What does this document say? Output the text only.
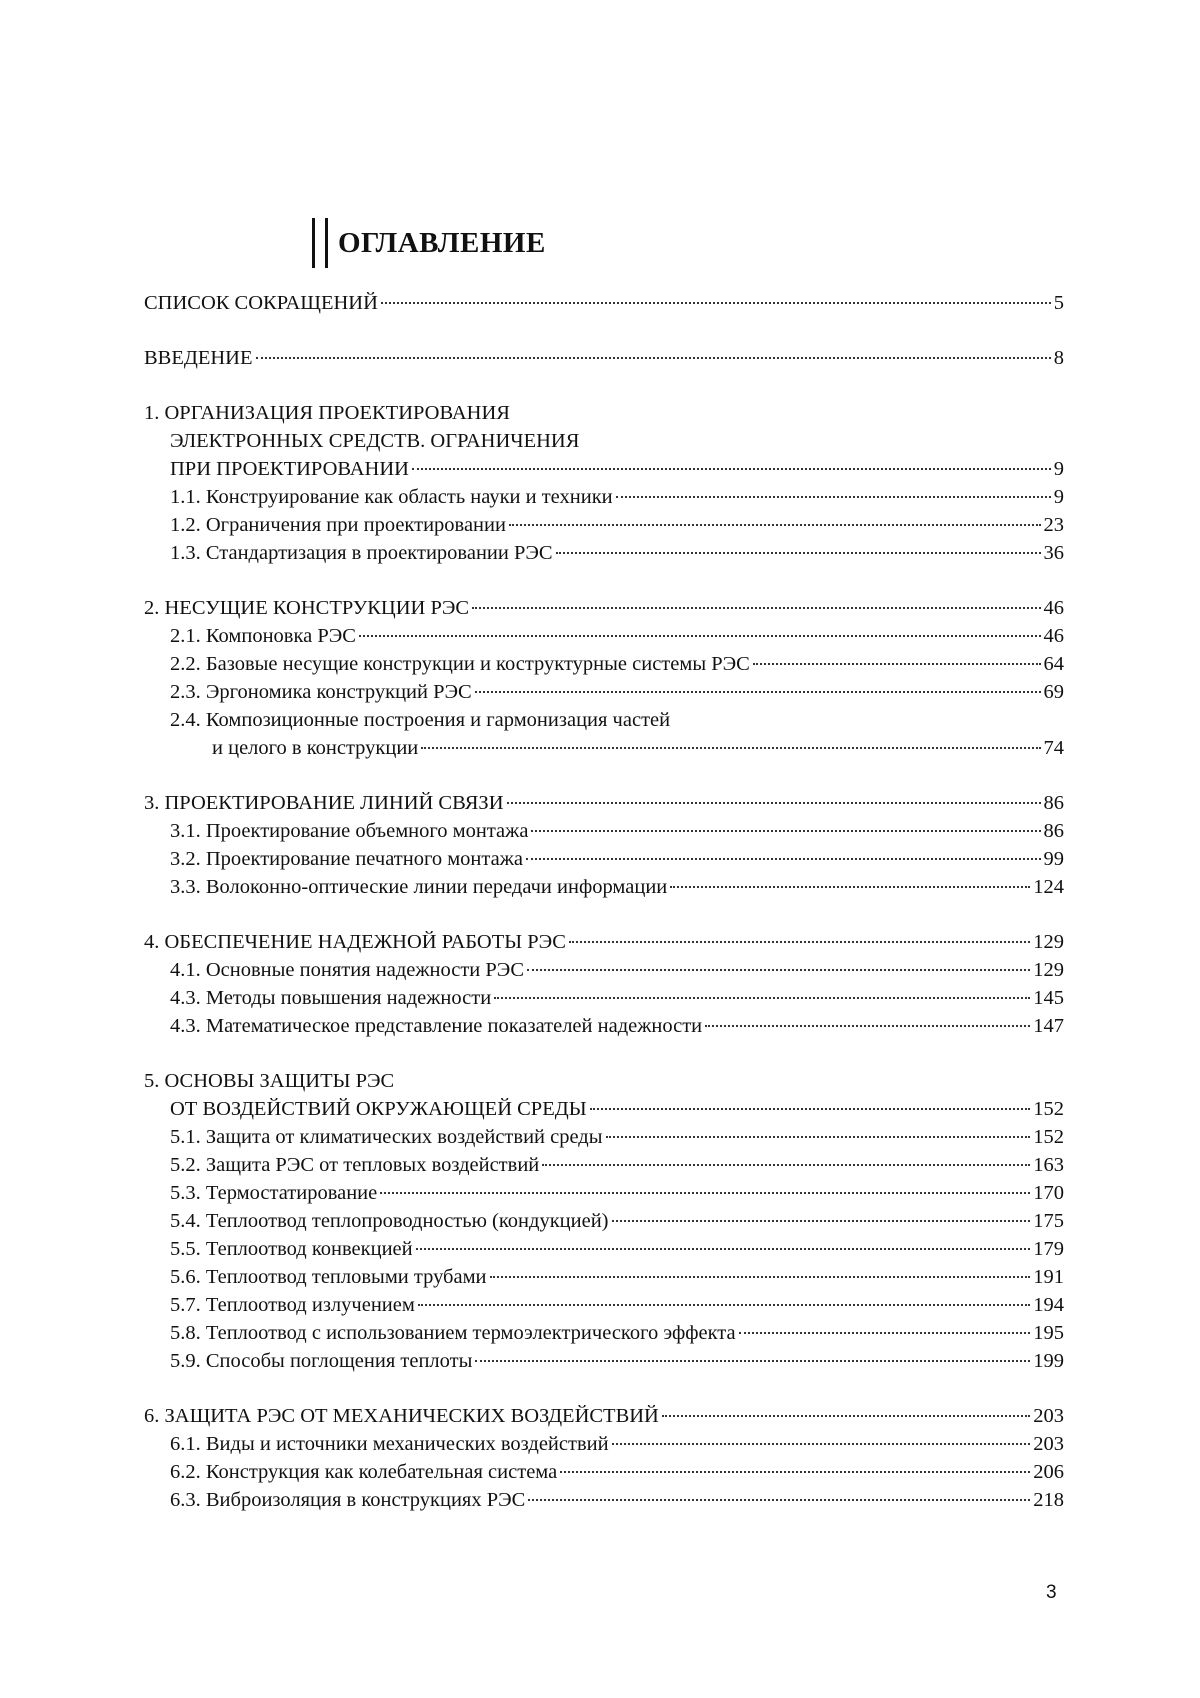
ОГЛАВЛЕНИЕ
СПИСОК СОКРАЩЕНИЙ	5
ВВЕДЕНИЕ	8
1. ОРГАНИЗАЦИЯ ПРОЕКТИРОВАНИЯ
ЭЛЕКТРОННЫХ СРЕДСТВ. ОГРАНИЧЕНИЯ
ПРИ ПРОЕКТИРОВАНИИ	9
1.1. Конструирование как область науки и техники	9
1.2. Ограничения при проектировании	23
1.3. Стандартизация в проектировании РЭС	36
2. НЕСУЩИЕ КОНСТРУКЦИИ РЭС	46
2.1. Компоновка РЭС	46
2.2. Базовые несущие конструкции и коструктурные системы РЭС	64
2.3. Эргономика конструкций РЭС	69
2.4. Композиционные построения и гармонизация частей
и целого в конструкции	74
3. ПРОЕКТИРОВАНИЕ ЛИНИЙ СВЯЗИ	86
3.1. Проектирование объемного монтажа	86
3.2. Проектирование печатного монтажа	99
3.3. Волоконно-оптические линии передачи информации	124
4. ОБЕСПЕЧЕНИЕ НАДЕЖНОЙ РАБОТЫ РЭС	129
4.1. Основные понятия надежности РЭС	129
4.3. Методы повышения надежности	145
4.3. Математическое представление показателей надежности	147
5. ОСНОВЫ ЗАЩИТЫ РЭС
ОТ ВОЗДЕЙСТВИЙ ОКРУЖАЮЩЕЙ СРЕДЫ	152
5.1. Защита от климатических воздействий среды	152
5.2. Защита РЭС от тепловых воздействий	163
5.3. Термостатирование	170
5.4. Теплоотвод теплопроводностью (кондукцией)	175
5.5. Теплоотвод конвекцией	179
5.6. Теплоотвод тепловыми трубами	191
5.7. Теплоотвод излучением	194
5.8. Теплоотвод с использованием термоэлектрического эффекта	195
5.9. Способы поглощения теплоты	199
6. ЗАЩИТА РЭС ОТ МЕХАНИЧЕСКИХ ВОЗДЕЙСТВИЙ	203
6.1. Виды и источники механических воздействий	203
6.2. Конструкция как колебательная система	206
6.3. Виброизоляция в конструкциях РЭС	218
3
